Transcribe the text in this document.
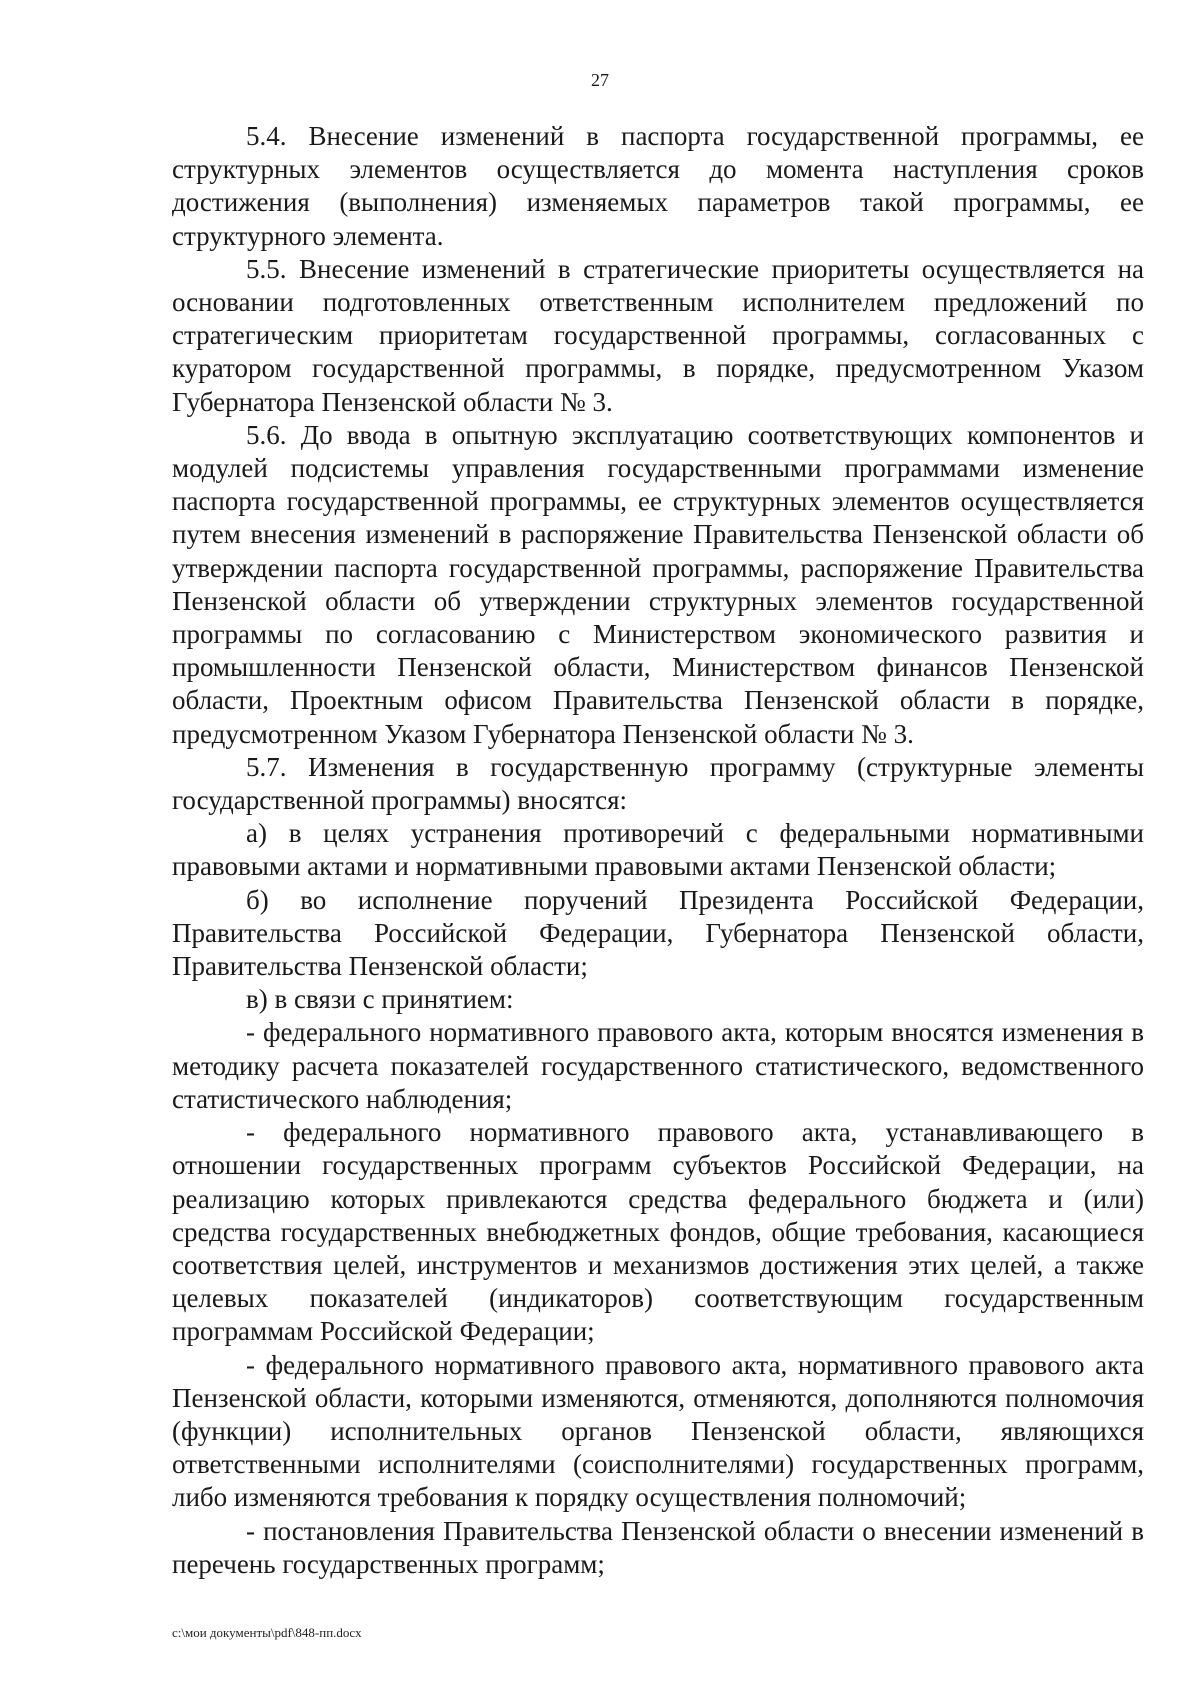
27

5.4. Внесение изменений в паспорта государственной программы, ее структурных элементов осуществляется до момента наступления сроков достижения (выполнения) изменяемых параметров такой программы, ее структурного элемента.

5.5. Внесение изменений в стратегические приоритеты осуществляется на основании подготовленных ответственным исполнителем предложений по стратегическим приоритетам государственной программы, согласованных с куратором государственной программы, в порядке, предусмотренном Указом Губернатора Пензенской области № 3.

5.6. До ввода в опытную эксплуатацию соответствующих компонентов и модулей подсистемы управления государственными программами изменение паспорта государственной программы, ее структурных элементов осуществляется путем внесения изменений в распоряжение Правительства Пензенской области об утверждении паспорта государственной программы, распоряжение Правительства Пензенской области об утверждении структурных элементов государственной программы по согласованию с Министерством экономического развития и промышленности Пензенской области, Министерством финансов Пензенской области, Проектным офисом Правительства Пензенской области в порядке, предусмотренном Указом Губернатора Пензенской области № 3.

5.7. Изменения в государственную программу (структурные элементы государственной программы) вносятся:

а) в целях устранения противоречий с федеральными нормативными правовыми актами и нормативными правовыми актами Пензенской области;

б) во исполнение поручений Президента Российской Федерации, Правительства Российской Федерации, Губернатора Пензенской области, Правительства Пензенской области;

в) в связи с принятием:

- федерального нормативного правового акта, которым вносятся изменения в методику расчета показателей государственного статистического, ведомственного статистического наблюдения;

- федерального нормативного правового акта, устанавливающего в отношении государственных программ субъектов Российской Федерации, на реализацию которых привлекаются средства федерального бюджета и (или) средства государственных внебюджетных фондов, общие требования, касающиеся соответствия целей, инструментов и механизмов достижения этих целей, а также целевых показателей (индикаторов) соответствующим государственным программам Российской Федерации;

- федерального нормативного правового акта, нормативного правового акта Пензенской области, которыми изменяются, отменяются, дополняются полномочия (функции) исполнительных органов Пензенской области, являющихся ответственными исполнителями (соисполнителями) государственных программ, либо изменяются требования к порядку осуществления полномочий;

- постановления Правительства Пензенской области о внесении изменений в перечень государственных программ;

c:\мои документы\pdf\848-пп.docx
